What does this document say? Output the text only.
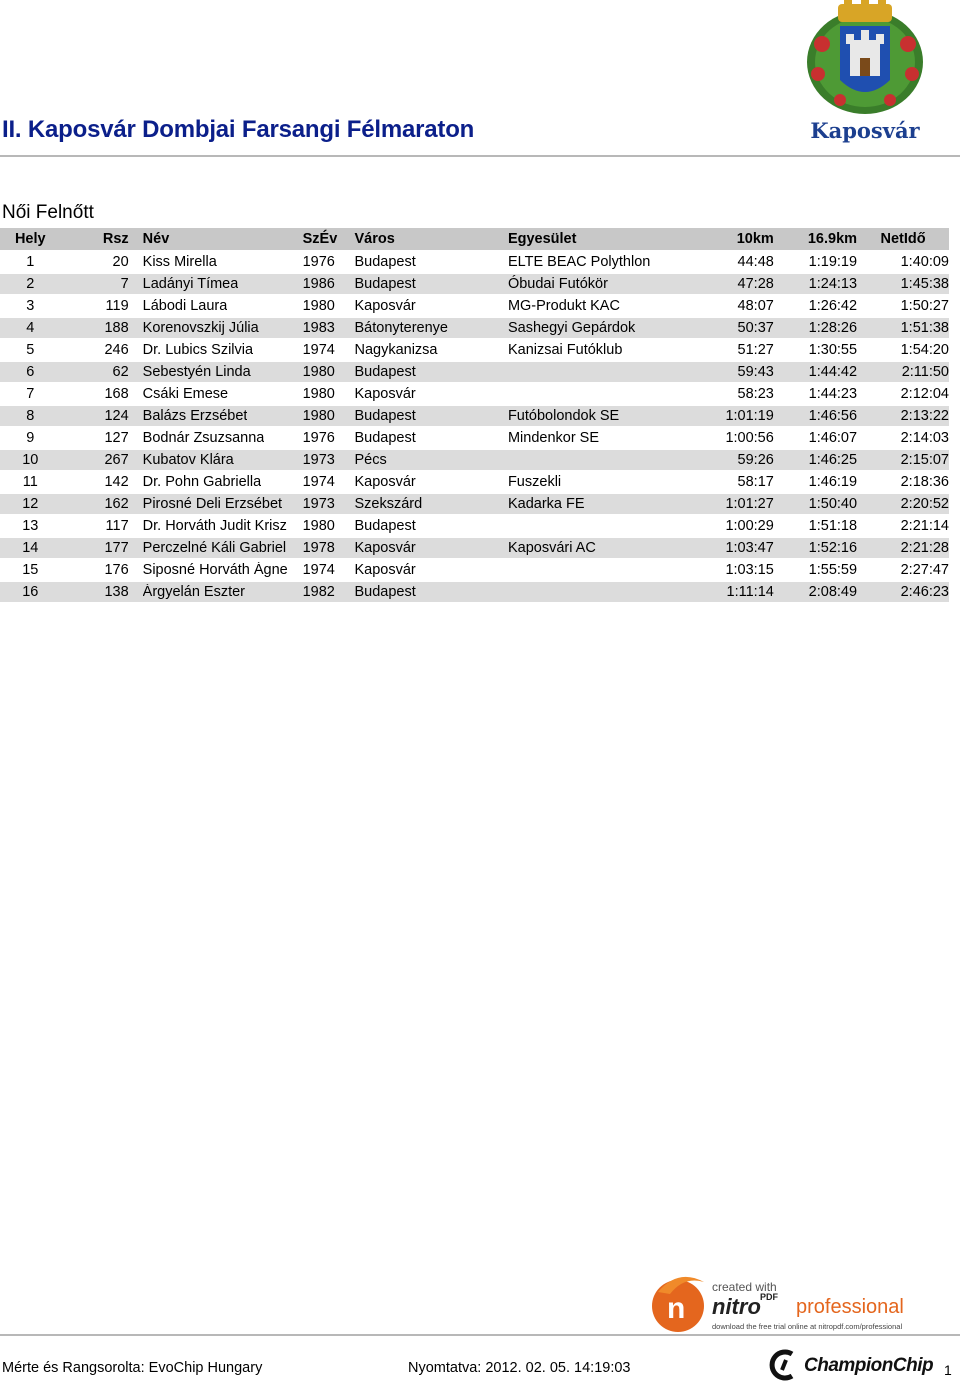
Kaposvár
II. Kaposvár Dombjai Farsangi Félmaraton
Női Felnőtt
Hely	Rsz	Név	SzÉv	Város	Egyesület	10km	16.9km	NetIdő
1	20	Kiss Mirella	1976	Budapest	ELTE BEAC Polythlon	44:48	1:19:19	1:40:09
2	7	Ladányi Tímea	1986	Budapest	Óbudai Futókör	47:28	1:24:13	1:45:38
3	119	Lábodi Laura	1980	Kaposvár	MG-Produkt KAC	48:07	1:26:42	1:50:27
4	188	Korenovszkij Júlia	1983	Bátonyterenye	Sashegyi Gepárdok	50:37	1:28:26	1:51:38
5	246	Dr. Lubics Szilvia	1974	Nagykanizsa	Kanizsai Futóklub	51:27	1:30:55	1:54:20
6	62	Sebestyén Linda	1980	Budapest		59:43	1:44:42	2:11:50
7	168	Csáki Emese	1980	Kaposvár		58:23	1:44:23	2:12:04
8	124	Balázs Erzsébet	1980	Budapest	Futóbolondok SE	1:01:19	1:46:56	2:13:22
9	127	Bodnár Zsuzsanna	1976	Budapest	Mindenkor SE	1:00:56	1:46:07	2:14:03
10	267	Kubatov Klára	1973	Pécs		59:26	1:46:25	2:15:07
11	142	Dr. Pohn Gabriella	1974	Kaposvár	Fuszekli	58:17	1:46:19	2:18:36
12	162	Pirosné Deli Erzsébet	1973	Szekszárd	Kadarka FE	1:01:27	1:50:40	2:20:52
13	117	Dr. Horváth Judit Krisz	1980	Budapest		1:00:29	1:51:18	2:21:14
14	177	Perczelné Káli Gabriel	1978	Kaposvár	Kaposvári AC	1:03:47	1:52:16	2:21:28
15	176	Siposné Horváth Ágne	1974	Kaposvár		1:03:15	1:55:59	2:27:47
16	138	Árgyelán Eszter	1982	Budapest		1:11:14	2:08:49	2:46:23
n
created with
nitro PDF professional
download the free trial online at nitropdf.com/professional
Mérte és Rangsorolta: EvoChip Hungary	Nyomtatva: 2012. 02. 05. 14:19:03	ChampionChip 1
